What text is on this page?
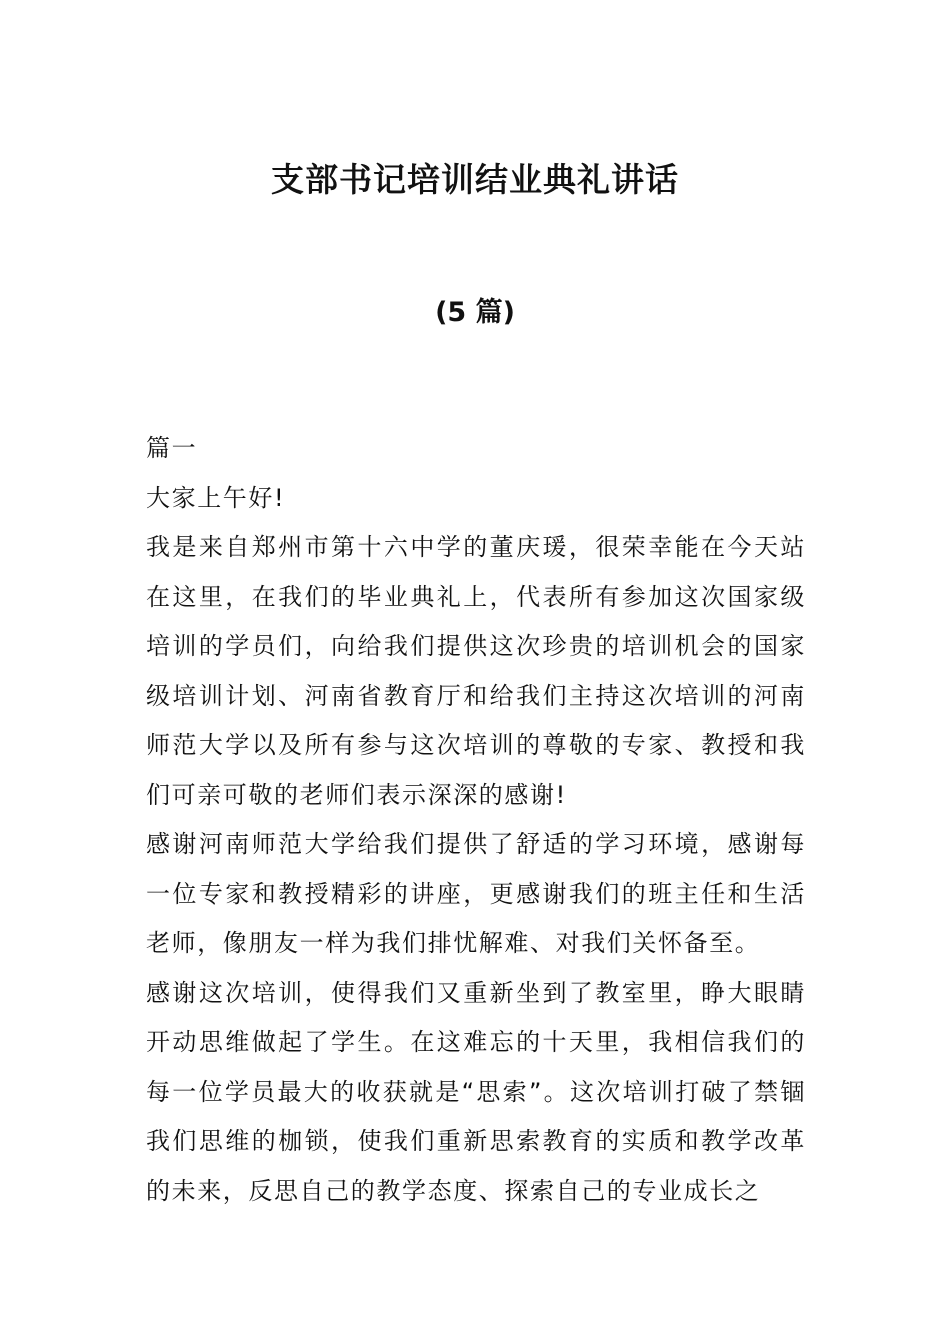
支部书记培训结业典礼讲话
(5 篇)

篇一

大家上午好!

我是来自郑州市第十六中学的董庆瑗，很荣幸能在今天站在这里，在我们的毕业典礼上，代表所有参加这次国家级培训的学员们，向给我们提供这次珍贵的培训机会的国家级培训计划、河南省教育厅和给我们主持这次培训的河南师范大学以及所有参与这次培训的尊敬的专家、教授和我们可亲可敬的老师们表示深深的感谢!

感谢河南师范大学给我们提供了舒适的学习环境，感谢每一位专家和教授精彩的讲座，更感谢我们的班主任和生活老师，像朋友一样为我们排忧解难、对我们关怀备至。

感谢这次培训，使得我们又重新坐到了教室里，睁大眼睛开动思维做起了学生。在这难忘的十天里，我相信我们的每一位学员最大的收获就是“思索”。这次培训打破了禁锢我们思维的枷锁，使我们重新思索教育的实质和教学改革的未来，反思自己的教学态度、探索自己的专业成长之
